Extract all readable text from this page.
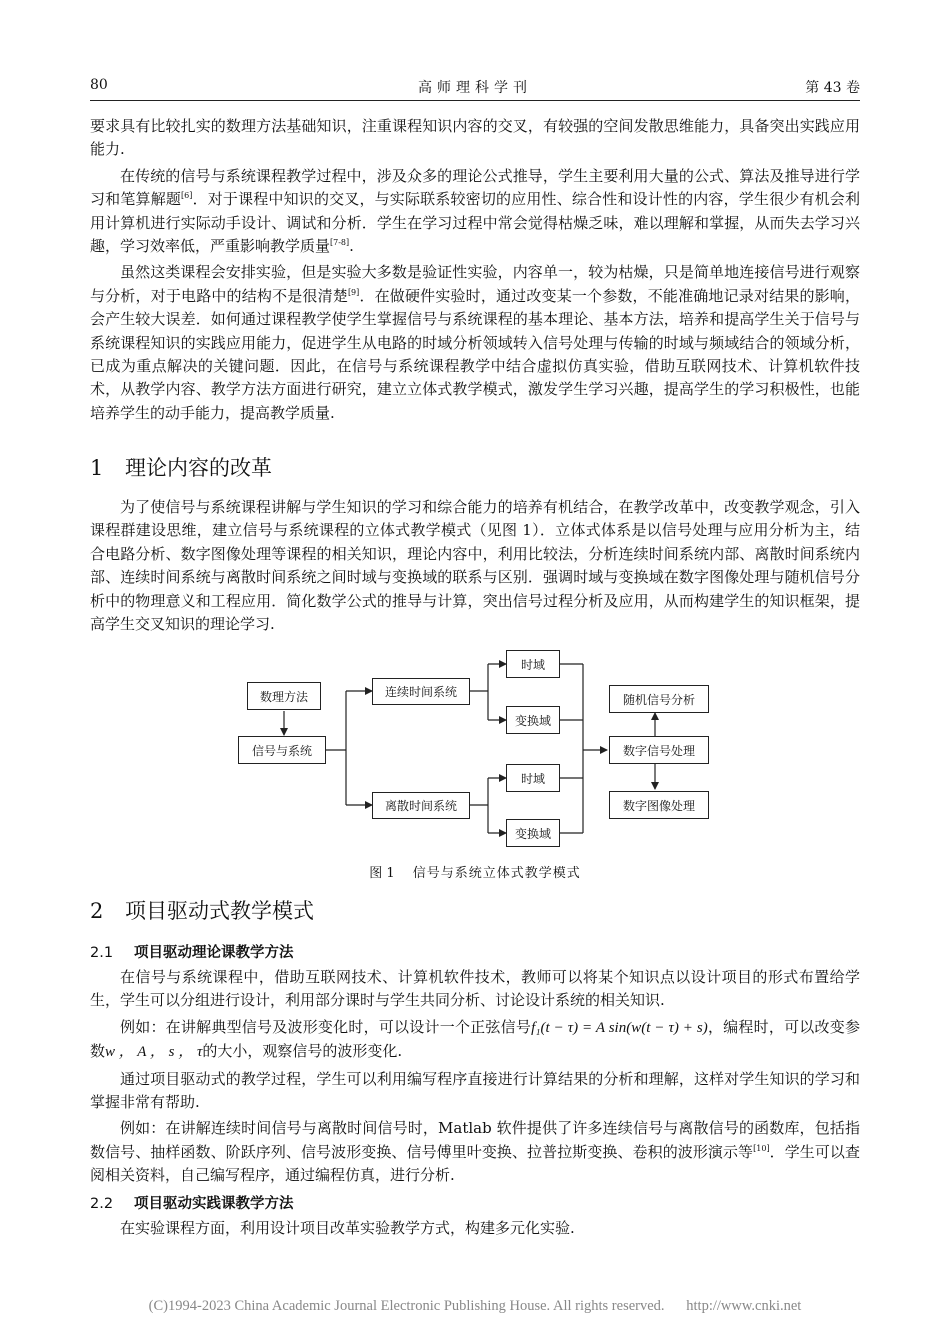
80	高师理科学刊	第 43 卷

要求具有比较扎实的数理方法基础知识，注重课程知识内容的交叉，有较强的空间发散思维能力，具备突出实践应用能力.

在传统的信号与系统课程教学过程中，涉及众多的理论公式推导，学生主要利用大量的公式、算法及推导进行学习和笔算解题[6]．对于课程中知识的交叉，与实际联系较密切的应用性、综合性和设计性的内容，学生很少有机会利用计算机进行实际动手设计、调试和分析．学生在学习过程中常会觉得枯燥乏味，难以理解和掌握，从而失去学习兴趣，学习效率低，严重影响教学质量[7-8].

虽然这类课程会安排实验，但是实验大多数是验证性实验，内容单一，较为枯燥，只是简单地连接信号进行观察与分析，对于电路中的结构不是很清楚[9]．在做硬件实验时，通过改变某一个参数，不能准确地记录对结果的影响，会产生较大误差．如何通过课程教学使学生掌握信号与系统课程的基本理论、基本方法，培养和提高学生关于信号与系统课程知识的实践应用能力，促进学生从电路的时域分析领域转入信号处理与传输的时域与频域结合的领域分析，已成为重点解决的关键问题．因此，在信号与系统课程教学中结合虚拟仿真实验，借助互联网技术、计算机软件技术，从教学内容、教学方法方面进行研究，建立立体式教学模式，激发学生学习兴趣，提高学生的学习积极性，也能培养学生的动手能力，提高教学质量.

1 理论内容的改革

为了使信号与系统课程讲解与学生知识的学习和综合能力的培养有机结合，在教学改革中，改变教学观念，引入课程群建设思维，建立信号与系统课程的立体式教学模式（见图 1）．立体式体系是以信号处理与应用分析为主，结合电路分析、数字图像处理等课程的相关知识，理论内容中，利用比较法，分析连续时间系统内部、离散时间系统内部、连续时间系统与离散时间系统之间时域与变换域的联系与区别．强调时域与变换域在数字图像处理与随机信号分析中的物理意义和工程应用．简化数学公式的推导与计算，突出信号过程分析及应用，从而构建学生的知识框架，提高学生交叉知识的理论学习.

数理方法
信号与系统
连续时间系统
离散时间系统
时域
变换域
时域
变换域
随机信号分析
数字信号处理
数字图像处理
图 1 信号与系统立体式教学模式
2 项目驱动式教学模式
2.1 项目驱动理论课教学方法

在信号与系统课程中，借助互联网技术、计算机软件技术，教师可以将某个知识点以设计项目的形式布置给学生，学生可以分组进行设计，利用部分课时与学生共同分析、讨论设计系统的相关知识.

例如：在讲解典型信号及波形变化时，可以设计一个正弦信号f₁(t − τ) = A sin(w(t − τ) + s)，编程时，可以改变参数w ， A ， s ， τ的大小，观察信号的波形变化.

通过项目驱动式的教学过程，学生可以利用编写程序直接进行计算结果的分析和理解，这样对学生知识的学习和掌握非常有帮助.

例如：在讲解连续时间信号与离散时间信号时，Matlab 软件提供了许多连续信号与离散信号的函数库，包括指数信号、抽样函数、阶跃序列、信号波形变换、信号傅里叶变换、拉普拉斯变换、卷积的波形演示等[10]．学生可以查阅相关资料，自己编写程序，通过编程仿真，进行分析.

2.2 项目驱动实践课教学方法

在实验课程方面，利用设计项目改革实验教学方式，构建多元化实验.

(C)1994-2023 China Academic Journal Electronic Publishing House. All rights reserved.      http://www.cnki.net
